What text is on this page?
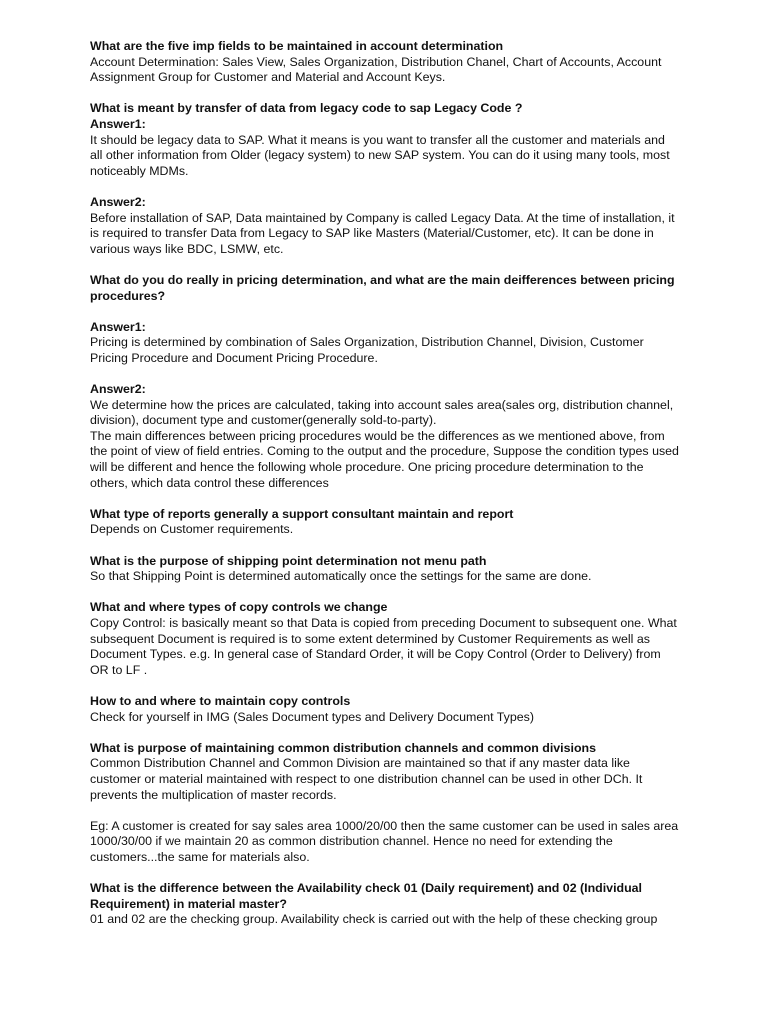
What are the five imp fields to be maintained in account determination

Account Determination: Sales View, Sales Organization, Distribution Chanel, Chart of Accounts, Account Assignment Group for Customer and Material and Account Keys.

What is meant by transfer of data from legacy code to sap Legacy Code ?

Answer1:

It should be legacy data to SAP. What it means is you want to transfer all the customer and materials and all other information from Older (legacy system) to new SAP system. You can do it using many tools, most noticeably MDMs.

Answer2:

Before installation of SAP, Data maintained by Company is called Legacy Data. At the time of installation, it is required to transfer Data from Legacy to SAP like Masters (Material/Customer, etc). It can be done in various ways like BDC, LSMW, etc.

What do you do really in pricing determination, and what are the main deifferences between pricing procedures?

Answer1:

Pricing is determined by combination of Sales Organization, Distribution Channel, Division, Customer Pricing Procedure and Document Pricing Procedure.

Answer2:

We determine how the prices are calculated, taking into account sales area(sales org, distribution channel, division), document type and customer(generally sold-to-party).

The main differences between pricing procedures would be the differences as we mentioned above, from the point of view of field entries. Coming to the output and the procedure, Suppose the condition types used will be different and hence the following whole procedure. One pricing procedure determination to the others, which data control these differences

What type of reports generally a support consultant maintain and report

Depends on Customer requirements.

What is the purpose of shipping point determination not menu path

So that Shipping Point is determined automatically once the settings for the same are done.

What and where types of copy controls we change

Copy Control: is basically meant so that Data is copied from preceding Document to subsequent one. What subsequent Document is required is to some extent determined by Customer Requirements as well as Document Types. e.g. In general case of Standard Order, it will be Copy Control (Order to Delivery) from OR to LF .

How to and where to maintain copy controls

Check for yourself in IMG (Sales Document types and Delivery Document Types)

What is purpose of maintaining common distribution channels and common divisions

Common Distribution Channel and Common Division are maintained so that if any master data like customer or material maintained with respect to one distribution channel can be used in other DCh. It prevents the multiplication of master records.

Eg: A customer is created for say sales area 1000/20/00 then the same customer can be used in sales area 1000/30/00 if we maintain 20 as common distribution channel. Hence no need for extending the customers...the same for materials also.

What is the difference between the Availability check 01 (Daily requirement) and 02 (Individual Requirement) in material master?

01 and 02 are the checking group. Availability check is carried out with the help of these checking group
